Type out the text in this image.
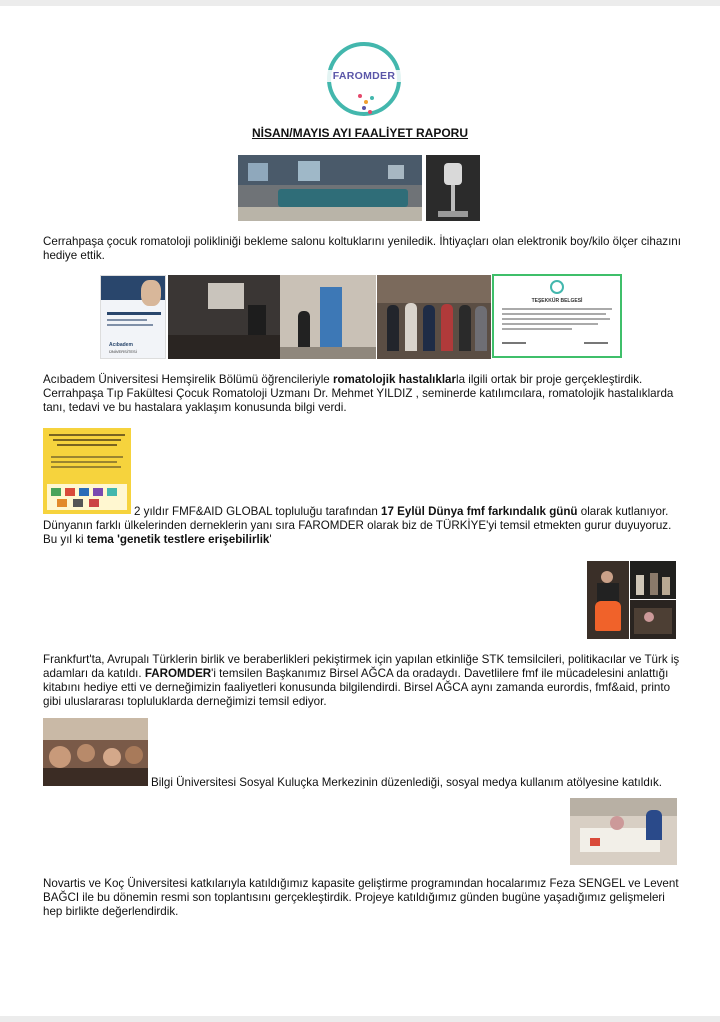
FAROMDER
NİSAN/MAYIS AYI FAALİYET RAPORU

Cerrahpaşa çocuk romatoloji polikliniği bekleme salonu koltuklarını yeniledik. İhtiyaçları olan elektronik boy/kilo ölçer cihazını hediye ettik.

Acıbadem
ÜNİVERSİTESİ
TEŞEKKÜR BELGESİ

Acıbadem Üniversitesi Hemşirelik Bölümü öğrencileriyle romatolojik hastalıklarla ilgili ortak bir proje gerçekleştirdik. Cerrahpaşa Tıp Fakültesi Çocuk Romatoloji Uzmanı Dr. Mehmet YILDIZ , seminerde katılımcılara, romatolojik hastalıklarda tanı, tedavi ve bu hastalara yaklaşım konusunda bilgi verdi.

2 yıldır FMF&AID GLOBAL topluluğu tarafından 17 Eylül Dünya fmf farkındalık günü olarak kutlanıyor. Dünyanın farklı ülkelerinden derneklerin yanı sıra FAROMDER olarak biz de TÜRKİYE'yi temsil etmekten gurur duyuyoruz. Bu yıl ki tema 'genetik testlere erişebilirlik'

Frankfurt'ta, Avrupalı Türklerin birlik ve beraberlikleri pekiştirmek için yapılan etkinliğe STK temsilcileri, politikacılar ve Türk iş adamları da katıldı. FAROMDER'i temsilen Başkanımız Birsel AĞCA da oradaydı. Davetlilere fmf ile mücadelesini anlattığı kitabını hediye etti ve derneğimizin faaliyetleri konusunda bilgilendirdi. Birsel AĞCA aynı zamanda eurordis, fmf&aid, printo gibi uluslararası topluluklarda derneğimizi temsil ediyor.

Bilgi Üniversitesi Sosyal Kuluçka Merkezinin düzenlediği, sosyal medya kullanım atölyesine katıldık.

Novartis ve Koç Üniversitesi katkılarıyla katıldığımız kapasite geliştirme programından hocalarımız Feza SENGEL ve Levent BAĞCI ile bu dönemin resmi son toplantısını gerçekleştirdik. Projeye katıldığımız günden bugüne yaşadığımız gelişmeleri hep birlikte değerlendirdik.
